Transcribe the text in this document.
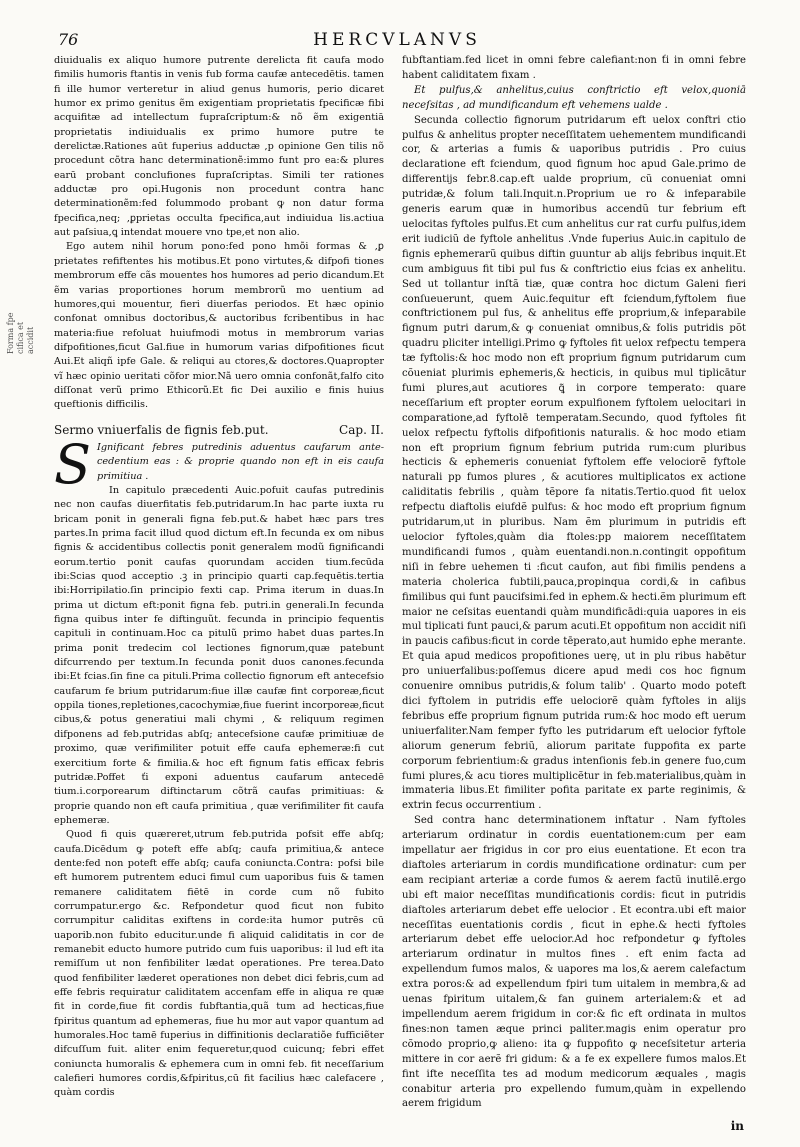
76	HERCVLANVS
Forma fpe cifica et accidit

diuidualis ex aliquo humore putrente derelicta fit caufa modo fimilis humoris ftantis in venis fub forma caufæ antecedētis. tamen fi ille humor verteretur in aliud genus humoris, perio dicaret humor ex primo genitus ẽm exigentiam proprietatis fpecificæ fibi acquifitæ ad intellectum fupraſcriptum:& nõ ẽm exigentiā proprietatis indiuidualis ex primo humore putre te derelictæ.Rationes aūt fuperius adductæ ,p opinione Gen tilis nõ procedunt cõtra hanc determinationẽ:immo funt pro ea:& plures earū probant conclufiones fupraſcriptas. Simili ter rationes adductæ pro opi.Hugonis non procedunt contra hanc determinationẽm:fed folummodo probant ꝙ non datur forma fpecifica,neq; ,ꝑprietas occulta fpecifica,aut indiuidua lis.actiua aut paſsiua,ꝗ intendat mouere vno tpe,et non alio.

Ego autem nihil horum pono:fed pono hmõi formas & ,ꝑ prietates refiftentes his motibus.Et pono virtutes,& difpofi tiones membrorum effe cãs mouentes hos humores ad perio dicandum.Et ẽm varias proportiones horum membrorũ mo uentium ad humores,qui mouentur, fieri diuerfas periodos. Et hæc opinio confonat omnibus doctoribus,& auctoribus fcribentibus in hac materia:fiue refoluat huiufmodi motus in membrorum varias difpofitiones,ficut Gal.fiue in humorum varias difpofitiones ficut Aui.Et aliqñ ipfe Gale. & reliqui au ctores,& doctores.Quapropter vĩ hæc opinio ueritati cõfor mior.Nã uero omnia confonãt,falfo cito diſſonat verũ primo Ethicorũ.Et fic Dei auxilio e finis huius queftionis difficilis.

Sermo vniuerfalis de fignis feb.put.	Cap. II.

S Ignificant febres putredinis aduentus caufarum ante- cedentium eas : & proprie quando non eft in eis caufa primitiua .

In capitulo præcedenti Auic.pofuit caufas putredinis nec non caufas diuerfitatis feb.putridarum.In hac parte iuxta ru bricam ponit in generali figna feb.put.& habet hæc pars tres partes.In prima facit illud quod dictum eft.In fecunda ex om nibus fignis & accidentibus collectis ponit generalem modũ fignificandi eorum.tertio ponit caufas quorundam acciden tium.fecūda ibi:Scias quod acceptio .ꝫ in principio quarti cap.fequētis.tertia ibi:Horripilatio.ſin principio fexti cap. Prima iterum in duas.In prima ut dictum eft:ponit figna feb. putri.in generali.In fecunda figna quibus inter fe diftinguũt. fecunda in principio fequentis capituli in continuam.Hoc ca pitulũ primo habet duas partes.In prima ponit tredecim col lectiones fignorum,quæ patebunt difcurrendo per textum.In fecunda ponit duos canones.fecunda ibi:Et fcias.ſin fine ca pituli.Prima collectio fignorum eft antecefsio caufarum fe brium putridarum:fiue illæ caufæ fint corporeæ,ficut oppila tiones,repletiones,cacochymiæ,fiue fuerint incorporeæ,ficut cibus,& potus generatiui mali chymi , & reliquum regimen difponens ad feb.putridas abſq; antecefsione caufæ primitiuæ de proximo, quæ verifimiliter potuit effe caufa ephemeræ:fi cut exercitium forte & fimilia.& hoc eft fignum fatis efficax febris putridæ.Poffet ťi exponi aduentus caufarum antecedē tium.i.corporearum diftinctarum cõtrã caufas primitiuas: & proprie quando non eft caufa primitiua , quæ verifimiliter fit caufa ephemeræ.

Quod fi quis quæreret,utrum feb.putrida pofsit effe abſq; caufa.Dicēdum ꝙ poteft effe abſq; caufa primitiua,& antece dente:fed non poteft effe abſq; caufa coniuncta.Contra: pofsi bile eft humorem putrentem educi fimul cum uaporibus fuis & tamen remanere caliditatem fiētē in corde cum nõ fubito corrumpatur.ergo &c. Refpondetur quod ficut non fubito corrumpitur caliditas exiftens in corde:ita humor putrēs cū uaporib.non fubito educitur.unde fi aliquid caliditatis in cor de remanebit educto humore putrido cum fuis uaporibus: il lud eft ita remiſſum ut non fenfibiliter lædat operationes. Pre terea.Dato quod fenfibiliter læderet operationes non debet dici febris,cum ad effe febris requiratur caliditatem accenfam effe in aliqua re quæ fit in corde,fiue fit cordis fubftantia,quã tum ad hecticas,fiue fpiritus quantum ad ephemeras, fiue hu mor aut vapor quantum ad humorales.Hoc tamē fuperius in diffinitionis declaratiõe fufficiẽter difcuſſum fuit. aliter enim fequeretur,quod cuicunq; febri effet coniuncta humoralis & ephemera cum in omni feb. fit neceſſarium calefieri humores cordis,&fpiritus,cū fit facilius hæc calefacere , quàm cordis

fubftantiam.fed licet in omni febre calefiant:non ťi in omni febre habent caliditatem fixam .

Et pulfus,& anhelitus,cuius conftrictio eft velox,quoniā neceſsitas , ad mundificandum eft vehemens ualde .

Secunda collectio fignorum putridarum eft uelox conftri ctio pulfus & anhelitus propter neceſſitatem uehementem mundificandi cor, & arterias a fumis & uaporibus putridis . Pro cuius declaratione eft fciendum, quod fignum hoc apud Gale.primo de differentijs febr.8.cap.eft ualde proprium, cũ conueniat omni putridæ,& folum tali.Inquit.n.Proprium ue ro & infeparabile generis earum quæ in humoribus accendũ tur febrium eft uelocitas fyftoles pulfus.Et cum anhelitus cur rat curfu pulfus,idem erit iudiciũ de fyftole anhelitus .Vnde fuperius Auic.in capitulo de fignis ephemerarũ quibus diftin guuntur ab alijs febribus inquit.Et cum ambiguus fit tibi pul fus & conftrictio eius fcias ex anhelitu. Sed ut tollantur inſtã tiæ, quæ contra hoc dictum Galeni fieri conſueuerunt, quem Auic.fequitur eft fciendum,fyftolem fiue conftrictionem pul fus, & anhelitus effe proprium,& infeparabile fignum putri darum,& ꝙ conueniat omnibus,& folis putridis põt quadru pliciter intelligi.Primo ꝙ fyftoles fit uelox refpectu tempera tæ fyftolis:& hoc modo non eft proprium fignum putridarum cum cõueniat plurimis ephemeris,& hecticis, in quibus mul tiplicātur fumi plures,aut acutiores ꝗ̃ in corpore temperato: quare neceſſarium eft propter eorum expulfionem fyftolem uelocitari in comparatione,ad fyftolē temperatam.Secundo, quod fyftoles fit uelox refpectu fyftolis difpofitionis naturalis. & hoc modo etiam non eft proprium fignum febrium putrida rum:cum pluribus hecticis & ephemeris conueniat fyftolem effe velociorẽ fyftole naturali pp fumos plures , & acutiores multiplicatos ex actione caliditatis febrilis , quàm tẽpore fa nitatis.Tertio.quod fit uelox refpectu diaftolis eiufdẽ pulfus: & hoc modo eft proprium fignum putridarum,ut in pluribus. Nam ẽm plurimum in putridis eft uelocior fyftoles,quàm dia ftoles:pp maiorem neceſſitatem mundificandi fumos , quàm euentandi.non.n.contingit oppofitum niſi in febre uehemen ti :ficut caufon, aut fibi fimilis pendens a materia cholerica fubtili,pauca,propinqua cordi,& in cafibus fimilibus qui funt paucifsimi.fed in ephem.& hecti.ẽm plurimum eft maior ne ceſsitas euentandi quàm mundificādi:quia uapores in eis mul tiplicati funt pauci,& parum acuti.Et oppofitum non accidit niſi in paucis cafibus:ficut in corde tēperato,aut humido ephe merante. Et quia apud medicos propofitiones uerę, ut in plu ribus habētur pro uniuerfalibus:poſſemus dicere apud medi cos hoc fignum conuenire omnibus putridis,& folum talib' . Quarto modo poteft dici fyftolem in putridis effe uelociorẽ quàm fyftoles in alijs febribus effe proprium fignum putrida rum:& hoc modo eft uerum uniuerfaliter.Nam femper fyfto les putridarum eft uelocior fyftole aliorum generum febriũ, aliorum paritate fuppofita ex parte corporum febrientium:& gradus intenſionis feb.in genere fuo,cum fumi plures,& acu tiores multiplicẽtur in feb.materialibus,quàm in immateria libus.Et fimiliter pofita paritate ex parte reginimis, & extrin fecus occurrentium .

Sed contra hanc determinationem inftatur . Nam fyftoles arteriarum ordinatur in cordis euentationem:cum per eam impellatur aer frigidus in cor pro eius euentatione. Et econ tra diaftoles arteriarum in cordis mundificatione ordinatur: cum per eam recipiant arteriæ a corde fumos & aerem factũ inutilẽ.ergo ubi eft maior neceſſitas mundificationis cordis: ficut in putridis diaftoles arteriarum debet effe uelocior . Et econtra.ubi eft maior neceſſitas euentationis cordis , ficut in ephe.& hecti fyftoles arteriarum debet effe uelocior.Ad hoc refpondetur ꝙ fyftoles arteriarum ordinatur in multos fines . eft enim facta ad expellendum fumos malos, & uapores ma los,& aerem calefactum extra poros:& ad expellendum fpiri tum uitalem in membra,& ad uenas fpiritum uitalem,& fan guinem arterialem:& et ad impellendum aerem frigidum in cor:& fic eft ordinata in multos fines:non tamen æque princi paliter.magis enim operatur pro cõmodo proprio,ꝙ alieno: ita ꝙ fuppofito ꝙ neceſsitetur arteria mittere in cor aerẽ fri gidum: & a fe ex expellere fumos malos.Et fint ifte neceſſita tes ad modum medicorum æquales , magis conabitur arteria pro expellendo fumum,quàm in expellendo aerem frigidum

in
